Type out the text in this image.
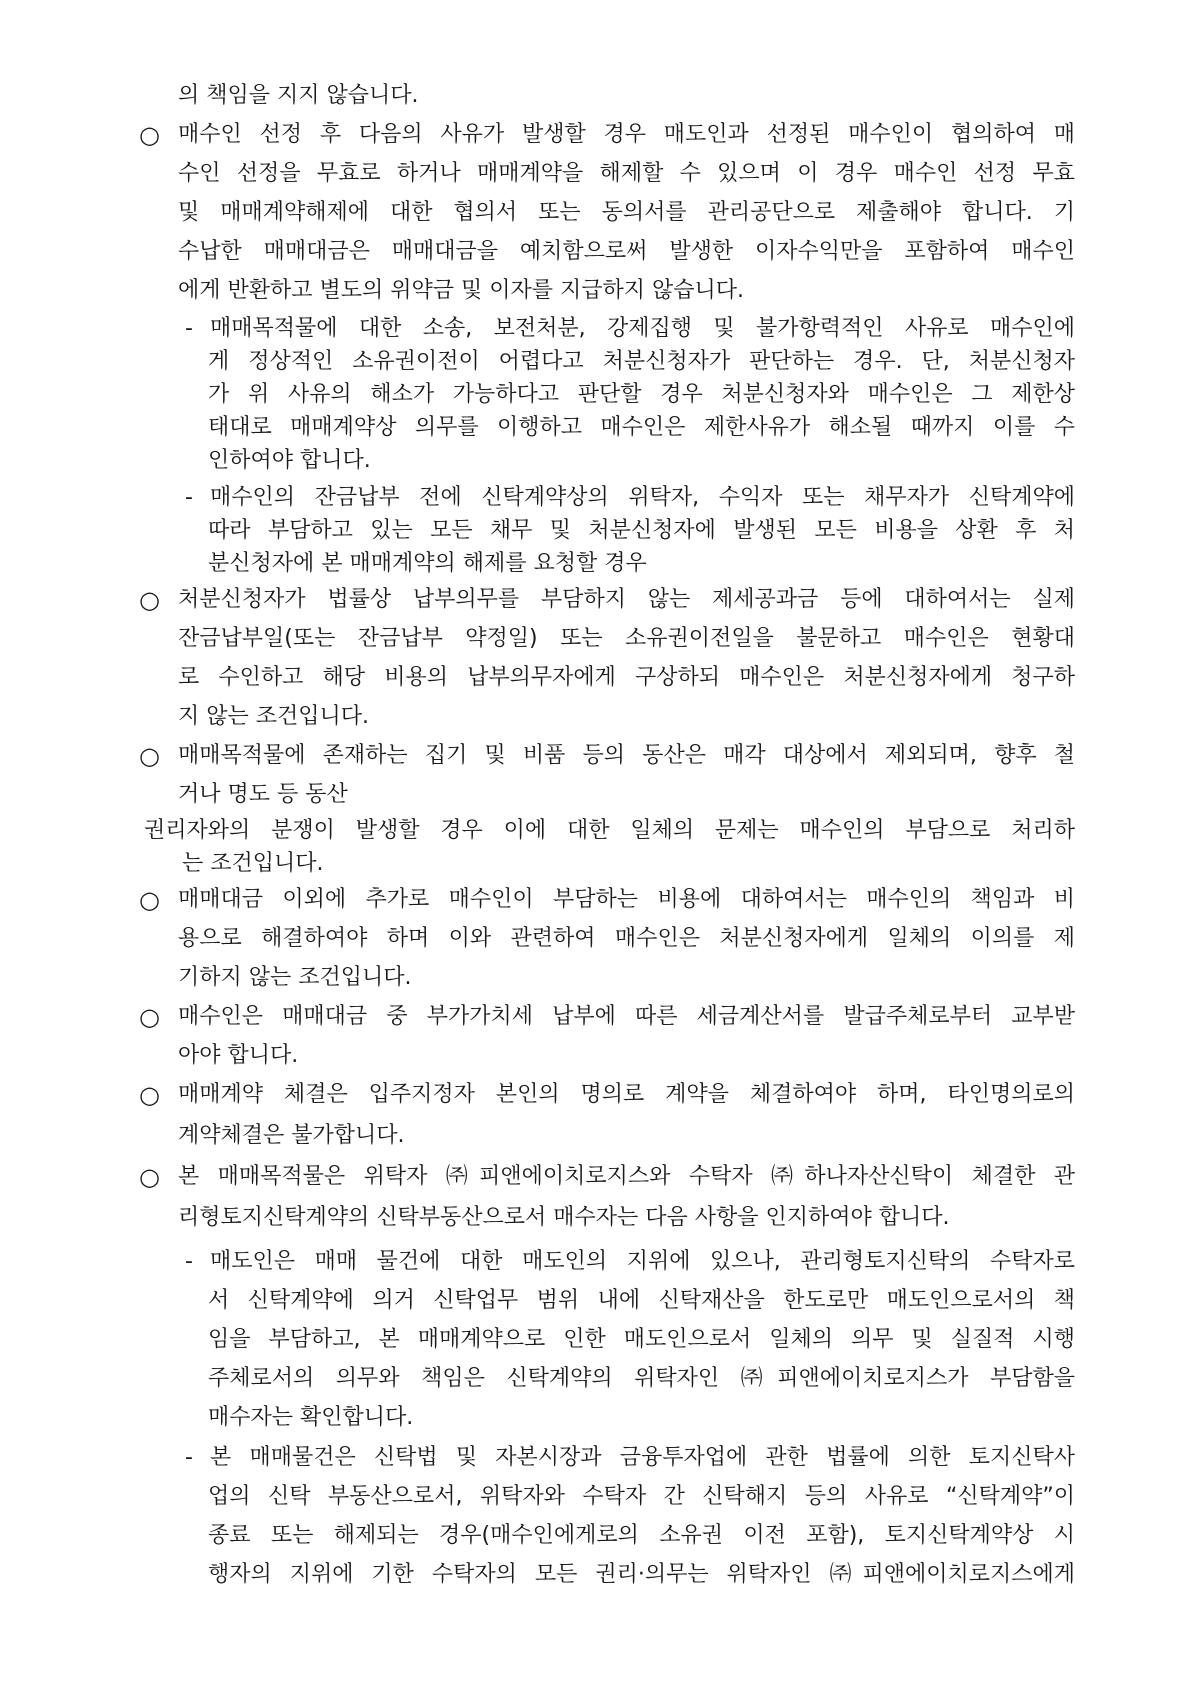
의 책임을 지지 않습니다.
○ 매수인 선정 후 다음의 사유가 발생할 경우 매도인과 선정된 매수인이 협의하여 매
수인 선정을 무효로 하거나 매매계약을 해제할 수 있으며 이 경우 매수인 선정 무효
및 매매계약해제에 대한 협의서 또는 동의서를 관리공단으로 제출해야 합니다. 기
수납한 매매대금은 매매대금을 예치함으로써 발생한 이자수익만을 포함하여 매수인
에게 반환하고 별도의 위약금 및 이자를 지급하지 않습니다.
- 매매목적물에 대한 소송, 보전처분, 강제집행 및 불가항력적인 사유로 매수인에
게 정상적인 소유권이전이 어렵다고 처분신청자가 판단하는 경우. 단, 처분신청자
가 위 사유의 해소가 가능하다고 판단할 경우 처분신청자와 매수인은 그 제한상
태대로 매매계약상 의무를 이행하고 매수인은 제한사유가 해소될 때까지 이를 수
인하여야 합니다.
- 매수인의 잔금납부 전에 신탁계약상의 위탁자, 수익자 또는 채무자가 신탁계약에
따라 부담하고 있는 모든 채무 및 처분신청자에 발생된 모든 비용을 상환 후 처
분신청자에 본 매매계약의 해제를 요청할 경우
○ 처분신청자가 법률상 납부의무를 부담하지 않는 제세공과금 등에 대하여서는 실제
잔금납부일(또는 잔금납부 약정일) 또는 소유권이전일을 불문하고 매수인은 현황대
로 수인하고 해당 비용의 납부의무자에게 구상하되 매수인은 처분신청자에게 청구하
지 않는 조건입니다.
○ 매매목적물에 존재하는 집기 및 비품 등의 동산은 매각 대상에서 제외되며, 향후 철
거나 명도 등 동산
권리자와의 분쟁이 발생할 경우 이에 대한 일체의 문제는 매수인의 부담으로 처리하
는 조건입니다.
○ 매매대금 이외에 추가로 매수인이 부담하는 비용에 대하여서는 매수인의 책임과 비
용으로 해결하여야 하며 이와 관련하여 매수인은 처분신청자에게 일체의 이의를 제
기하지 않는 조건입니다.
○ 매수인은 매매대금 중 부가가치세 납부에 따른 세금계산서를 발급주체로부터 교부받
아야 합니다.
○ 매매계약 체결은 입주지정자 본인의 명의로 계약을 체결하여야 하며, 타인명의로의
계약체결은 불가합니다.
○ 본 매매목적물은 위탁자 ㈜피앤에이치로지스와 수탁자 ㈜하나자산신탁이 체결한 관
리형토지신탁계약의 신탁부동산으로서 매수자는 다음 사항을 인지하여야 합니다.
- 매도인은 매매 물건에 대한 매도인의 지위에 있으나, 관리형토지신탁의 수탁자로
서 신탁계약에 의거 신탁업무 범위 내에 신탁재산을 한도로만 매도인으로서의 책
임을 부담하고, 본 매매계약으로 인한 매도인으로서 일체의 의무 및 실질적 시행
주체로서의 의무와 책임은 신탁계약의 위탁자인 ㈜피앤에이치로지스가 부담함을
매수자는 확인합니다.
- 본 매매물건은 신탁법 및 자본시장과 금융투자업에 관한 법률에 의한 토지신탁사
업의 신탁 부동산으로서, 위탁자와 수탁자 간 신탁해지 등의 사유로 “신탁계약”이
종료 또는 해제되는 경우(매수인에게로의 소유권 이전 포함), 토지신탁계약상 시
행자의 지위에 기한 수탁자의 모든 권리·의무는 위탁자인 ㈜피앤에이치로지스에게
